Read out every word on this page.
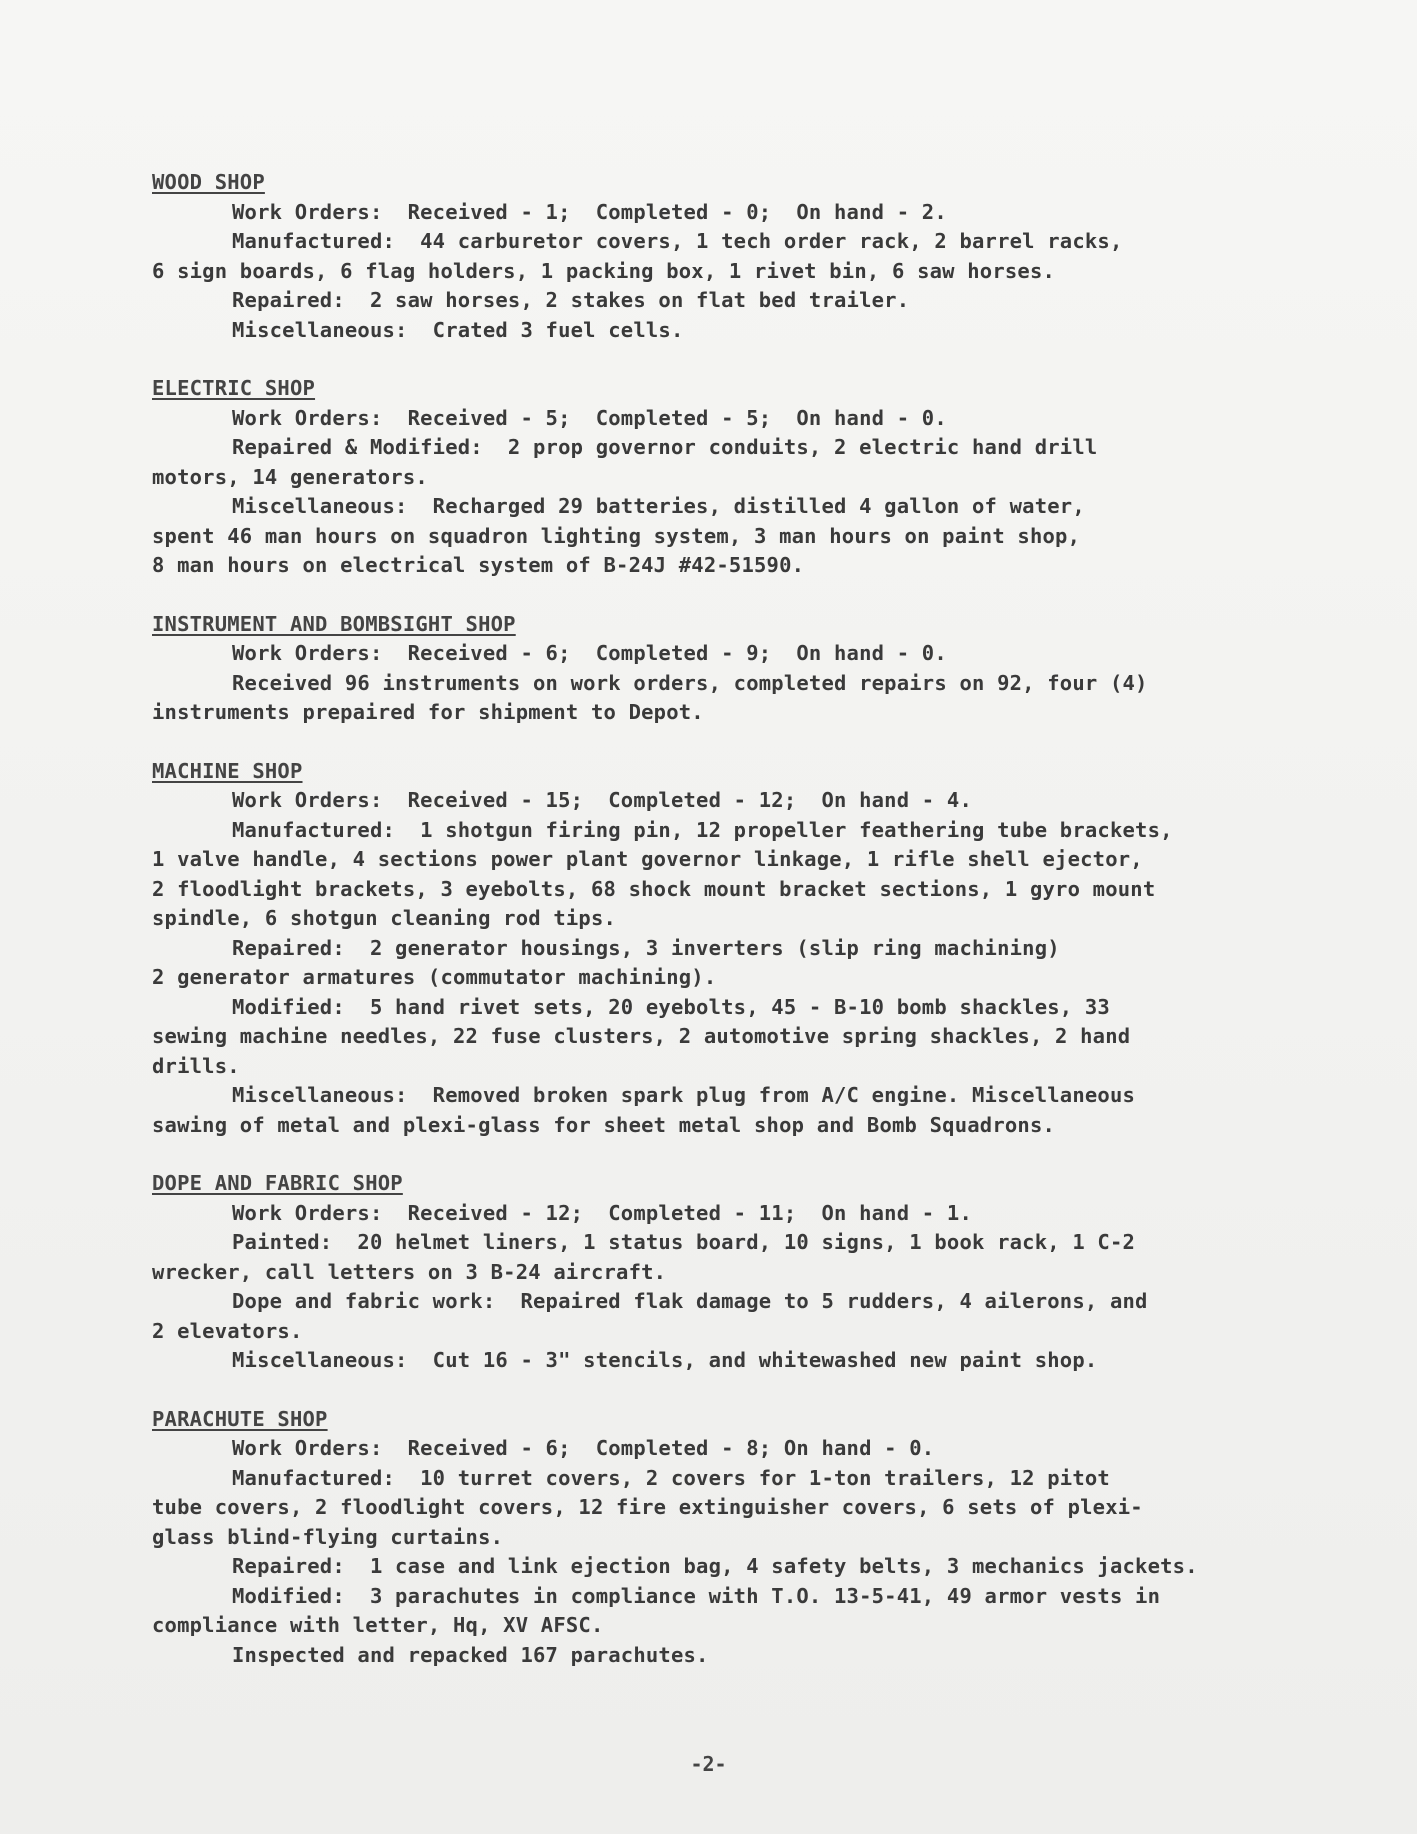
WOOD SHOP
Work Orders:  Received - 1;  Completed - 0;  On hand - 2.
Manufactured:  44 carburetor covers, 1 tech order rack, 2 barrel racks,
6 sign boards, 6 flag holders, 1 packing box, 1 rivet bin, 6 saw horses.
Repaired:  2 saw horses, 2 stakes on flat bed trailer.
Miscellaneous:  Crated 3 fuel cells.
ELECTRIC SHOP
Work Orders:  Received - 5;  Completed - 5;  On hand - 0.
Repaired & Modified:  2 prop governor conduits, 2 electric hand drill
motors, 14 generators.
Miscellaneous:  Recharged 29 batteries, distilled 4 gallon of water,
spent 46 man hours on squadron lighting system, 3 man hours on paint shop,
8 man hours on electrical system of B-24J #42-51590.
INSTRUMENT AND BOMBSIGHT SHOP
Work Orders:  Received - 6;  Completed - 9;  On hand - 0.
Received 96 instruments on work orders, completed repairs on 92, four (4)
instruments prepaired for shipment to Depot.
MACHINE SHOP
Work Orders:  Received - 15;  Completed - 12;  On hand - 4.
Manufactured:  1 shotgun firing pin, 12 propeller feathering tube brackets,
1 valve handle, 4 sections power plant governor linkage, 1 rifle shell ejector,
2 floodlight brackets, 3 eyebolts, 68 shock mount bracket sections, 1 gyro mount
spindle, 6 shotgun cleaning rod tips.
Repaired:  2 generator housings, 3 inverters (slip ring machining)
2 generator armatures (commutator machining).
Modified:  5 hand rivet sets, 20 eyebolts, 45 - B-10 bomb shackles, 33
sewing machine needles, 22 fuse clusters, 2 automotive spring shackles, 2 hand
drills.
Miscellaneous:  Removed broken spark plug from A/C engine. Miscellaneous
sawing of metal and plexi-glass for sheet metal shop and Bomb Squadrons.
DOPE AND FABRIC SHOP
Work Orders:  Received - 12;  Completed - 11;  On hand - 1.
Painted:  20 helmet liners, 1 status board, 10 signs, 1 book rack, 1 C-2
wrecker, call letters on 3 B-24 aircraft.
Dope and fabric work:  Repaired flak damage to 5 rudders, 4 ailerons, and
2 elevators.
Miscellaneous:  Cut 16 - 3" stencils, and whitewashed new paint shop.
PARACHUTE SHOP
Work Orders:  Received - 6;  Completed - 8; On hand - 0.
Manufactured:  10 turret covers, 2 covers for 1-ton trailers, 12 pitot
tube covers, 2 floodlight covers, 12 fire extinguisher covers, 6 sets of plexi-
glass blind-flying curtains.
Repaired:  1 case and link ejection bag, 4 safety belts, 3 mechanics jackets.
Modified:  3 parachutes in compliance with T.O. 13-5-41, 49 armor vests in
compliance with letter, Hq, XV AFSC.
Inspected and repacked 167 parachutes.
-2-
